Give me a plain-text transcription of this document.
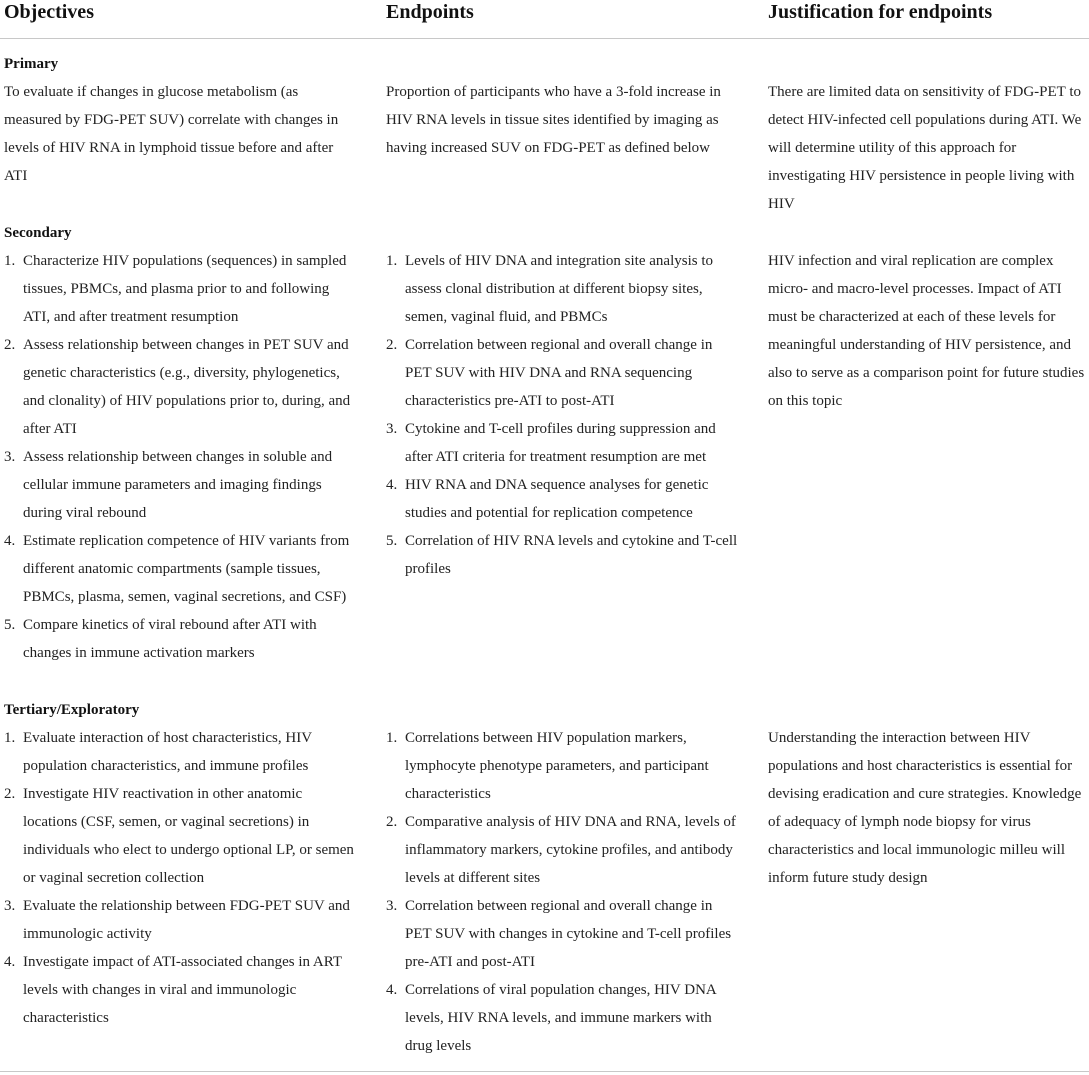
Objectives	Endpoints	Justification for endpoints
Primary
To evaluate if changes in glucose metabolism (as measured by FDG-PET SUV) correlate with changes in levels of HIV RNA in lymphoid tissue before and after ATI
Proportion of participants who have a 3-fold increase in HIV RNA levels in tissue sites identified by imaging as having increased SUV on FDG-PET as defined below
There are limited data on sensitivity of FDG-PET to detect HIV-infected cell populations during ATI. We will determine utility of this approach for investigating HIV persistence in people living with HIV
Secondary
1. Characterize HIV populations (sequences) in sampled tissues, PBMCs, and plasma prior to and following ATI, and after treatment resumption
2. Assess relationship between changes in PET SUV and genetic characteristics (e.g., diversity, phylogenetics, and clonality) of HIV populations prior to, during, and after ATI
3. Assess relationship between changes in soluble and cellular immune parameters and imaging findings during viral rebound
4. Estimate replication competence of HIV variants from different anatomic compartments (sample tissues, PBMCs, plasma, semen, vaginal secretions, and CSF)
5. Compare kinetics of viral rebound after ATI with changes in immune activation markers
1. Levels of HIV DNA and integration site analysis to assess clonal distribution at different biopsy sites, semen, vaginal fluid, and PBMCs
2. Correlation between regional and overall change in PET SUV with HIV DNA and RNA sequencing characteristics pre-ATI to post-ATI
3. Cytokine and T-cell profiles during suppression and after ATI criteria for treatment resumption are met
4. HIV RNA and DNA sequence analyses for genetic studies and potential for replication competence
5. Correlation of HIV RNA levels and cytokine and T-cell profiles
HIV infection and viral replication are complex micro- and macro-level processes. Impact of ATI must be characterized at each of these levels for meaningful understanding of HIV persistence, and also to serve as a comparison point for future studies on this topic
Tertiary/Exploratory
1. Evaluate interaction of host characteristics, HIV population characteristics, and immune profiles
2. Investigate HIV reactivation in other anatomic locations (CSF, semen, or vaginal secretions) in individuals who elect to undergo optional LP, or semen or vaginal secretion collection
3. Evaluate the relationship between FDG-PET SUV and immunologic activity
4. Investigate impact of ATI-associated changes in ART levels with changes in viral and immunologic characteristics
1. Correlations between HIV population markers, lymphocyte phenotype parameters, and participant characteristics
2. Comparative analysis of HIV DNA and RNA, levels of inflammatory markers, cytokine profiles, and antibody levels at different sites
3. Correlation between regional and overall change in PET SUV with changes in cytokine and T-cell profiles pre-ATI and post-ATI
4. Correlations of viral population changes, HIV DNA levels, HIV RNA levels, and immune markers with drug levels
Understanding the interaction between HIV populations and host characteristics is essential for devising eradication and cure strategies. Knowledge of adequacy of lymph node biopsy for virus characteristics and local immunologic milleu will inform future study design
